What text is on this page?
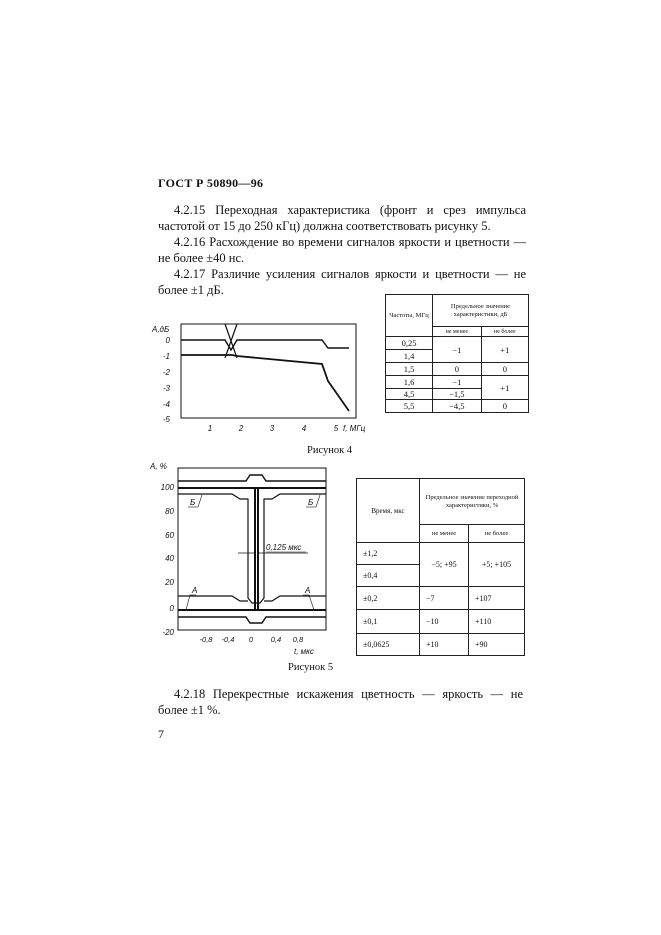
ГОСТ Р 50890—96
4.2.15 Переходная характеристика (фронт и срез импульса частотой от 15 до 250 кГц) должна соответствовать рисунку 5.
4.2.16 Расхождение во времени сигналов яркости и цветности — не более ±40 нс.
4.2.17 Различие усиления сигналов яркости и цветности — не более ±1 дБ.
A,дБ
0
-1
-2
-3
-4
-5
1	2	3	4	5 f, МГц
Рисунок 4
Частоты, МГц	Предельное значение характеристики, дБ	
	не менее	не более
0,25	−1	+1
1,4		
1,5	0	0
1,6	−1	+1
4,5	−1,5	
5,5	−4,5	0
A, %
100
80
60
40
20
0
-20
-0,8 -0,4 0 0,4 0,8
t, мкс
0,125 мкс
Б	Б
А	А
Рисунок 5
Время, мкс	Предельное значение переходной характеристики, %	
	не менее	не более
±1,2	−5; +95	+5; +105
±0,4		
±0,2	−7	+107
±0,1	−10	+110
±0,0625	+10	+90
4.2.18 Перекрестные искажения цветность — яркость — не более ±1 %.
7
